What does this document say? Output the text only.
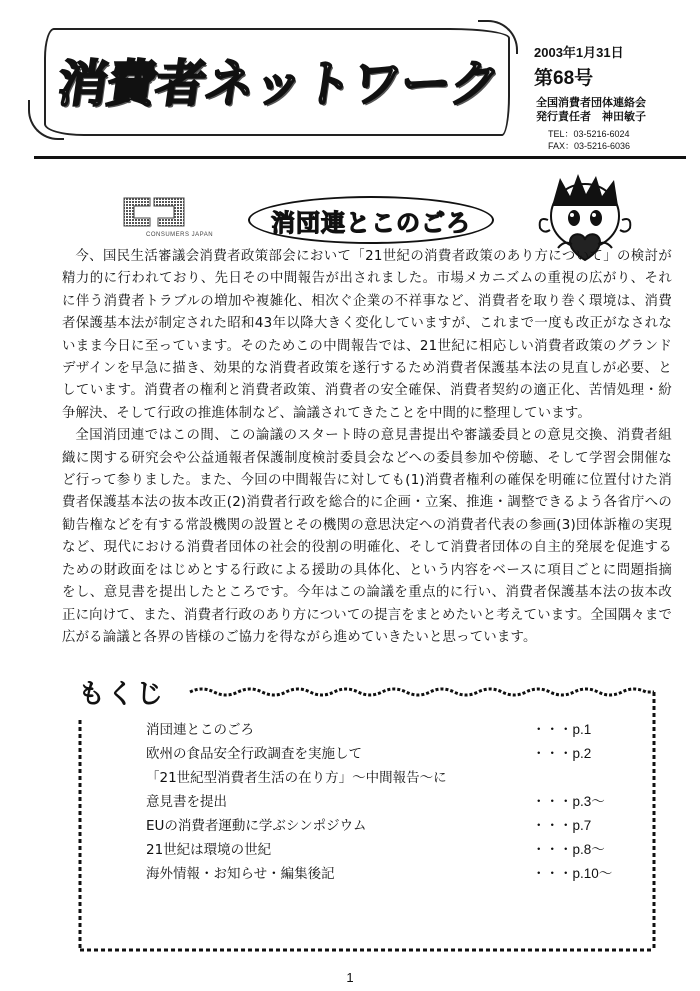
消費者ネットワーク
2003年1月31日
第68号
全国消費者団体連絡会
発行責任者　神田敏子
TEL：03-5216-6024
FAX：03-5216-6036
CONSUMERS JAPAN	消団連とこのごろ

今、国民生活審議会消費者政策部会において「21世紀の消費者政策のあり方について」の検討が精力的に行われており、先日その中間報告が出されました。市場メカニズムの重視の広がり、それに伴う消費者トラブルの増加や複雑化、相次ぐ企業の不祥事など、消費者を取り巻く環境は、消費者保護基本法が制定された昭和43年以降大きく変化していますが、これまで一度も改正がなされないまま今日に至っています。そのためこの中間報告では、21世紀に相応しい消費者政策のグランドデザインを早急に描き、効果的な消費者政策を遂行するため消費者保護基本法の見直しが必要、としています。消費者の権利と消費者政策、消費者の安全確保、消費者契約の適正化、苦情処理・紛争解決、そして行政の推進体制など、論議されてきたことを中間的に整理しています。

全国消団連ではこの間、この論議のスタート時の意見書提出や審議委員との意見交換、消費者組織に関する研究会や公益通報者保護制度検討委員会などへの委員参加や傍聴、そして学習会開催など行って参りました。また、今回の中間報告に対しても(1)消費者権利の確保を明確に位置付けた消費者保護基本法の抜本改正(2)消費者行政を総合的に企画・立案、推進・調整できるよう各省庁への勧告権などを有する常設機関の設置とその機関の意思決定への消費者代表の参画(3)団体訴権の実現など、現代における消費者団体の社会的役割の明確化、そして消費者団体の自主的発展を促進するための財政面をはじめとする行政による援助の具体化、という内容をベースに項目ごとに問題指摘をし、意見書を提出したところです。今年はこの論議を重点的に行い、消費者保護基本法の抜本改正に向けて、また、消費者行政のあり方についての提言をまとめたいと考えています。全国隅々まで広がる論議と各界の皆様のご協力を得ながら進めていきたいと思っています。

もくじ
消団連とこのごろ	・・・p.1
欧州の食品安全行政調査を実施して	・・・p.2
「21世紀型消費者生活の在り方」～中間報告～に
意見書を提出	・・・p.3～
EUの消費者運動に学ぶシンポジウム	・・・p.7
21世紀は環境の世紀	・・・p.8～
海外情報・お知らせ・編集後記	・・・p.10～
1
